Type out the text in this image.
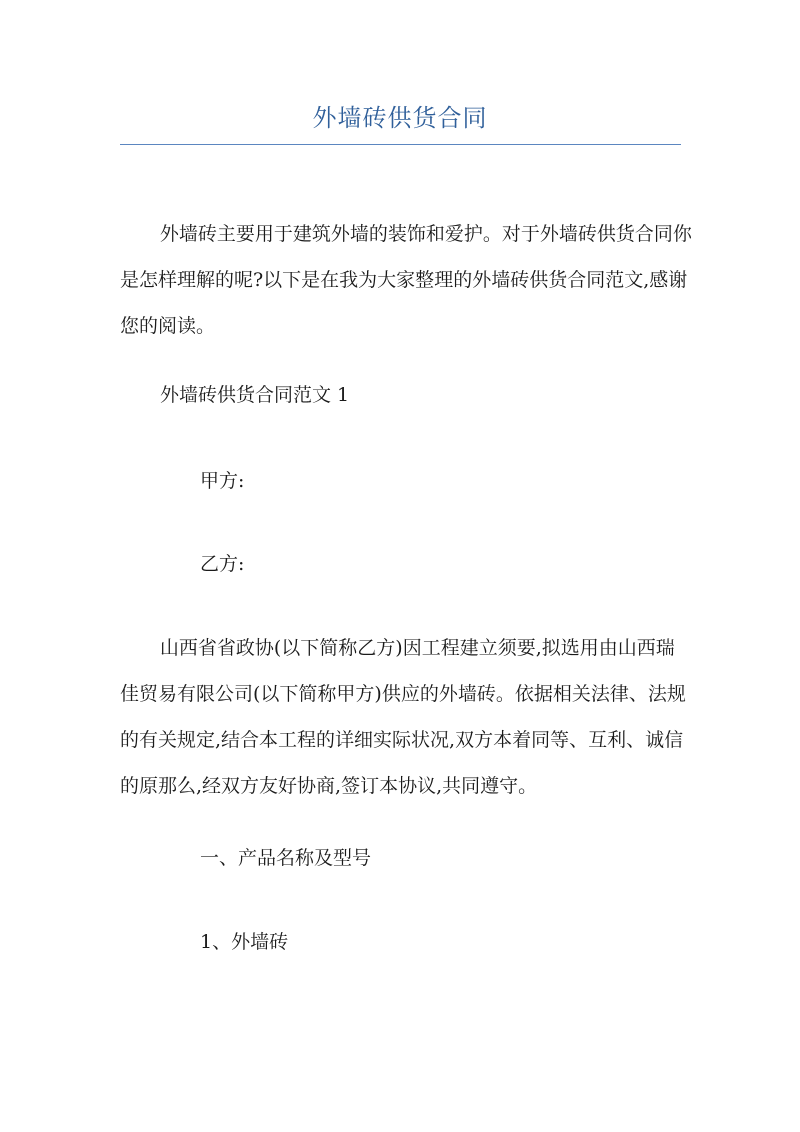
外墙砖供货合同

外墙砖主要用于建筑外墙的装饰和爱护。对于外墙砖供货合同你是怎样理解的呢?以下是在我为大家整理的外墙砖供货合同范文,感谢您的阅读。

外墙砖供货合同范文 1

甲方:

乙方:

山西省省政协(以下简称乙方)因工程建立须要,拟选用由山西瑞佳贸易有限公司(以下简称甲方)供应的外墙砖。依据相关法律、法规的有关规定,结合本工程的详细实际状况,双方本着同等、互利、诚信的原那么,经双方友好协商,签订本协议,共同遵守。

一、产品名称及型号

1、外墙砖
